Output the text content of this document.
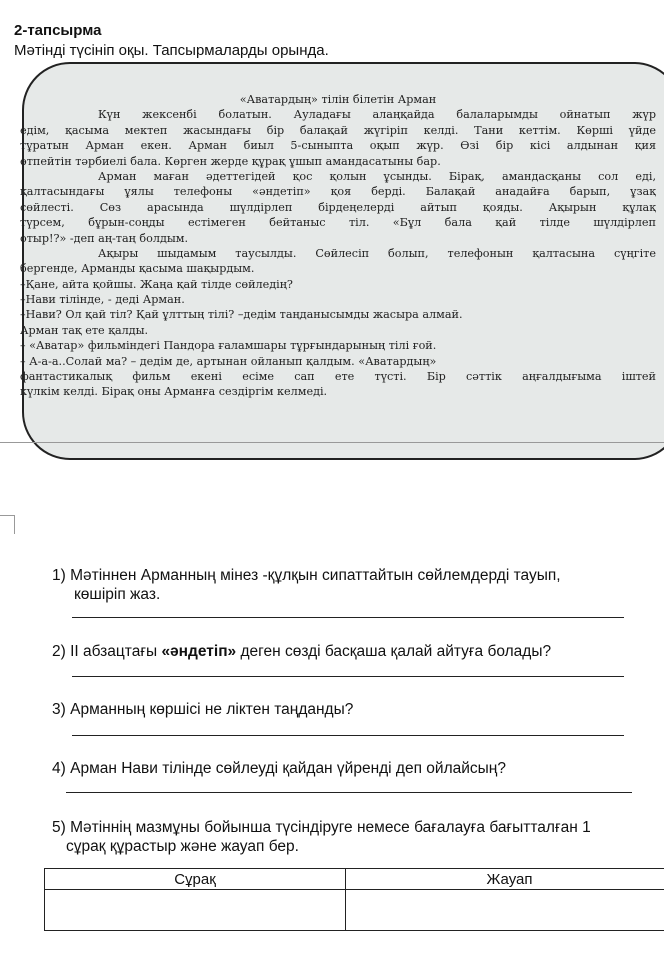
2-тапсырма
Мәтінді түсініп оқы. Тапсырмаларды орында.
«Аватардың» тілін білетін Арман
Күн жексенбі болатын. Ауладағы алаңқайда балаларымды ойнатып жүр
едім, қасыма мектеп жасындағы бір балақай жүгіріп келді. Тани кеттім. Көрші үйде
тұратын Арман екен. Арман биыл 5-сыныпта оқып жүр. Өзі бір кісі алдынан қия
өтпейтін тәрбиелі бала. Көрген жерде құрақ ұшып амандасатыны бар.
Арман маған әдеттегідей қос қолын ұсынды. Бірақ, амандасқаны сол еді,
қалтасындағы ұялы телефоны «әндетіп» қоя берді. Балақай анадайға барып, ұзақ
сөйлесті. Сөз арасында шүлдірлеп бірдеңелерді айтып қояды. Ақырын құлақ
түрсем, бұрын-соңды естімеген бейтаныс тіл. «Бұл бала қай тілде шүлдірлеп
отыр!?» -деп аң-таң болдым.
Ақыры шыдамым таусылды. Сөйлесіп болып, телефонын қалтасына сүңгіте
бергенде, Арманды қасыма шақырдым.
–Қане, айта қойшы. Жаңа қай тілде сөйледің?
–Нави тілінде, - деді Арман.
–Нави? Ол қай тіл? Қай ұлттың тілі? –дедім таңданысымды жасыра алмай.
Арман тақ ете қалды.
– «Аватар» фильміндегі Пандора ғаламшары тұрғындарының тілі ғой.
– А-а-а..Солай ма? – дедім де, артынан ойланып қалдым. «Аватардың»
фантастикалық фильм екені есіме сап ете түсті. Бір сәттік аңғалдығыма іштей
күлкім келді. Бірақ оны Арманға сездіргім келмеді.
1) Мәтіннен Арманның мінез -құлқын сипаттайтын сөйлемдерді тауып,
көшіріп жаз.
2) II абзацтағы «әндетіп» деген сөзді басқаша қалай айтуға болады?
3) Арманның көршісі не ліктен таңданды?
4) Арман Нави тілінде сөйлеуді қайдан үйренді деп ойлайсың?
5) Мәтіннің мазмұны бойынша түсіндіруге немесе бағалауға бағытталған 1
сұрақ құрастыр және жауап бер.
Сұрақ	Жауап
